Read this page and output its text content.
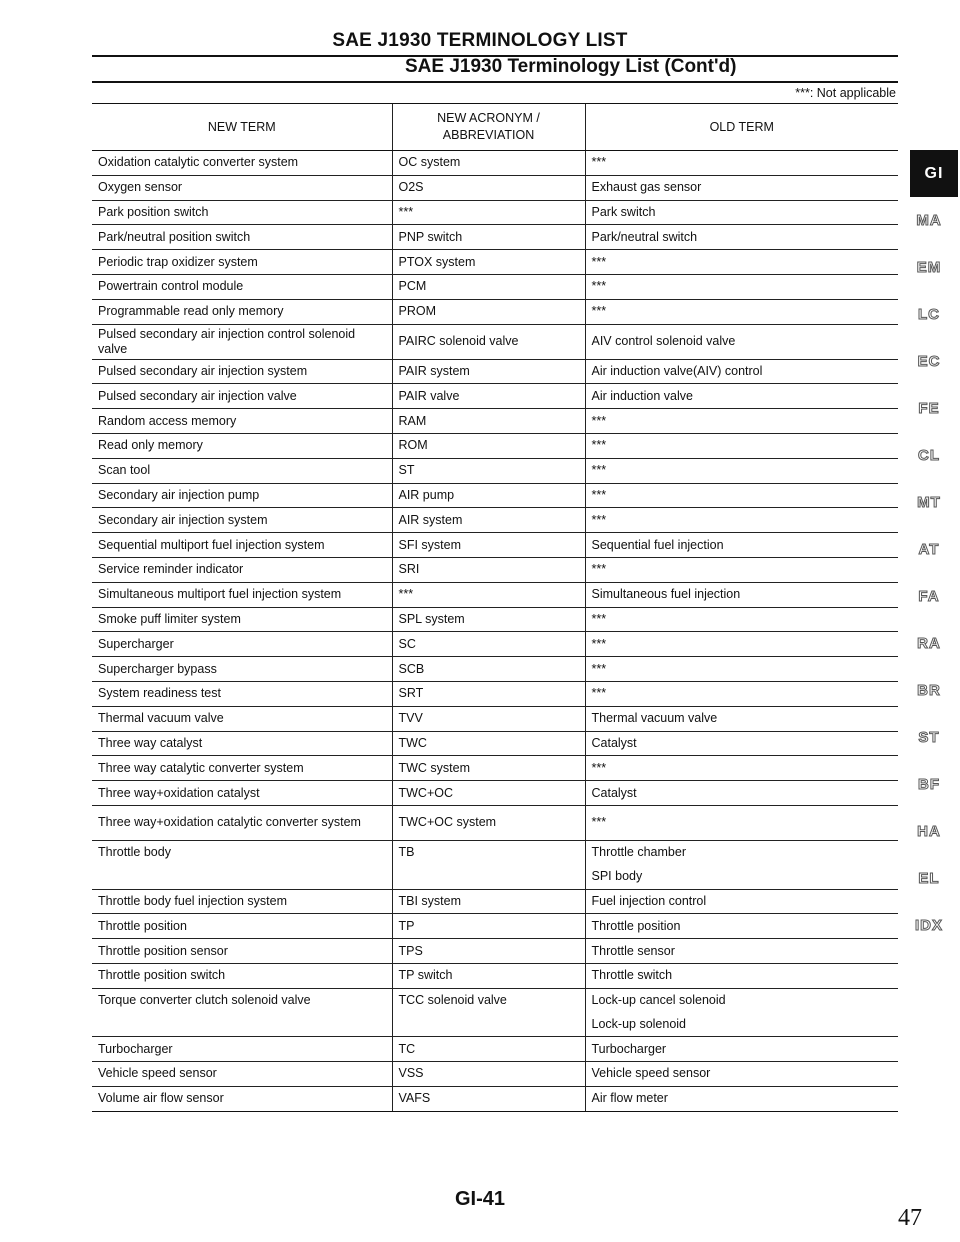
SAE J1930 TERMINOLOGY LIST
SAE J1930 Terminology List (Cont'd)
***: Not applicable
NEW TERM	NEW ACRONYM / ABBREVIATION	OLD TERM
Oxidation catalytic converter system	OC system	***
Oxygen sensor	O2S	Exhaust gas sensor
Park position switch	***	Park switch
Park/neutral position switch	PNP switch	Park/neutral switch
Periodic trap oxidizer system	PTOX system	***
Powertrain control module	PCM	***
Programmable read only memory	PROM	***
Pulsed secondary air injection control solenoid valve	PAIRC solenoid valve	AIV control solenoid valve
Pulsed secondary air injection system	PAIR system	Air induction valve(AIV) control
Pulsed secondary air injection valve	PAIR valve	Air induction valve
Random access memory	RAM	***
Read only memory	ROM	***
Scan tool	ST	***
Secondary air injection pump	AIR pump	***
Secondary air injection system	AIR system	***
Sequential multiport fuel injection system	SFI system	Sequential fuel injection
Service reminder indicator	SRI	***
Simultaneous multiport fuel injection system	***	Simultaneous fuel injection
Smoke puff limiter system	SPL system	***
Supercharger	SC	***
Supercharger bypass	SCB	***
System readiness test	SRT	***
Thermal vacuum valve	TVV	Thermal vacuum valve
Three way catalyst	TWC	Catalyst
Three way catalytic converter system	TWC system	***
Three way+oxidation catalyst	TWC+OC	Catalyst
Three way+oxidation catalytic converter system	TWC+OC system	***
Throttle body	TB	Throttle chamber
		SPI body
Throttle body fuel injection system	TBI system	Fuel injection control
Throttle position	TP	Throttle position
Throttle position sensor	TPS	Throttle sensor
Throttle position switch	TP switch	Throttle switch
Torque converter clutch solenoid valve	TCC solenoid valve	Lock-up cancel solenoid
		Lock-up solenoid
Turbocharger	TC	Turbocharger
Vehicle speed sensor	VSS	Vehicle speed sensor
Volume air flow sensor	VAFS	Air flow meter
GI
MA
EM
LC
EC
FE
CL
MT
AT
FA
RA
BR
ST
BF
HA
EL
IDX
GI-41
47
